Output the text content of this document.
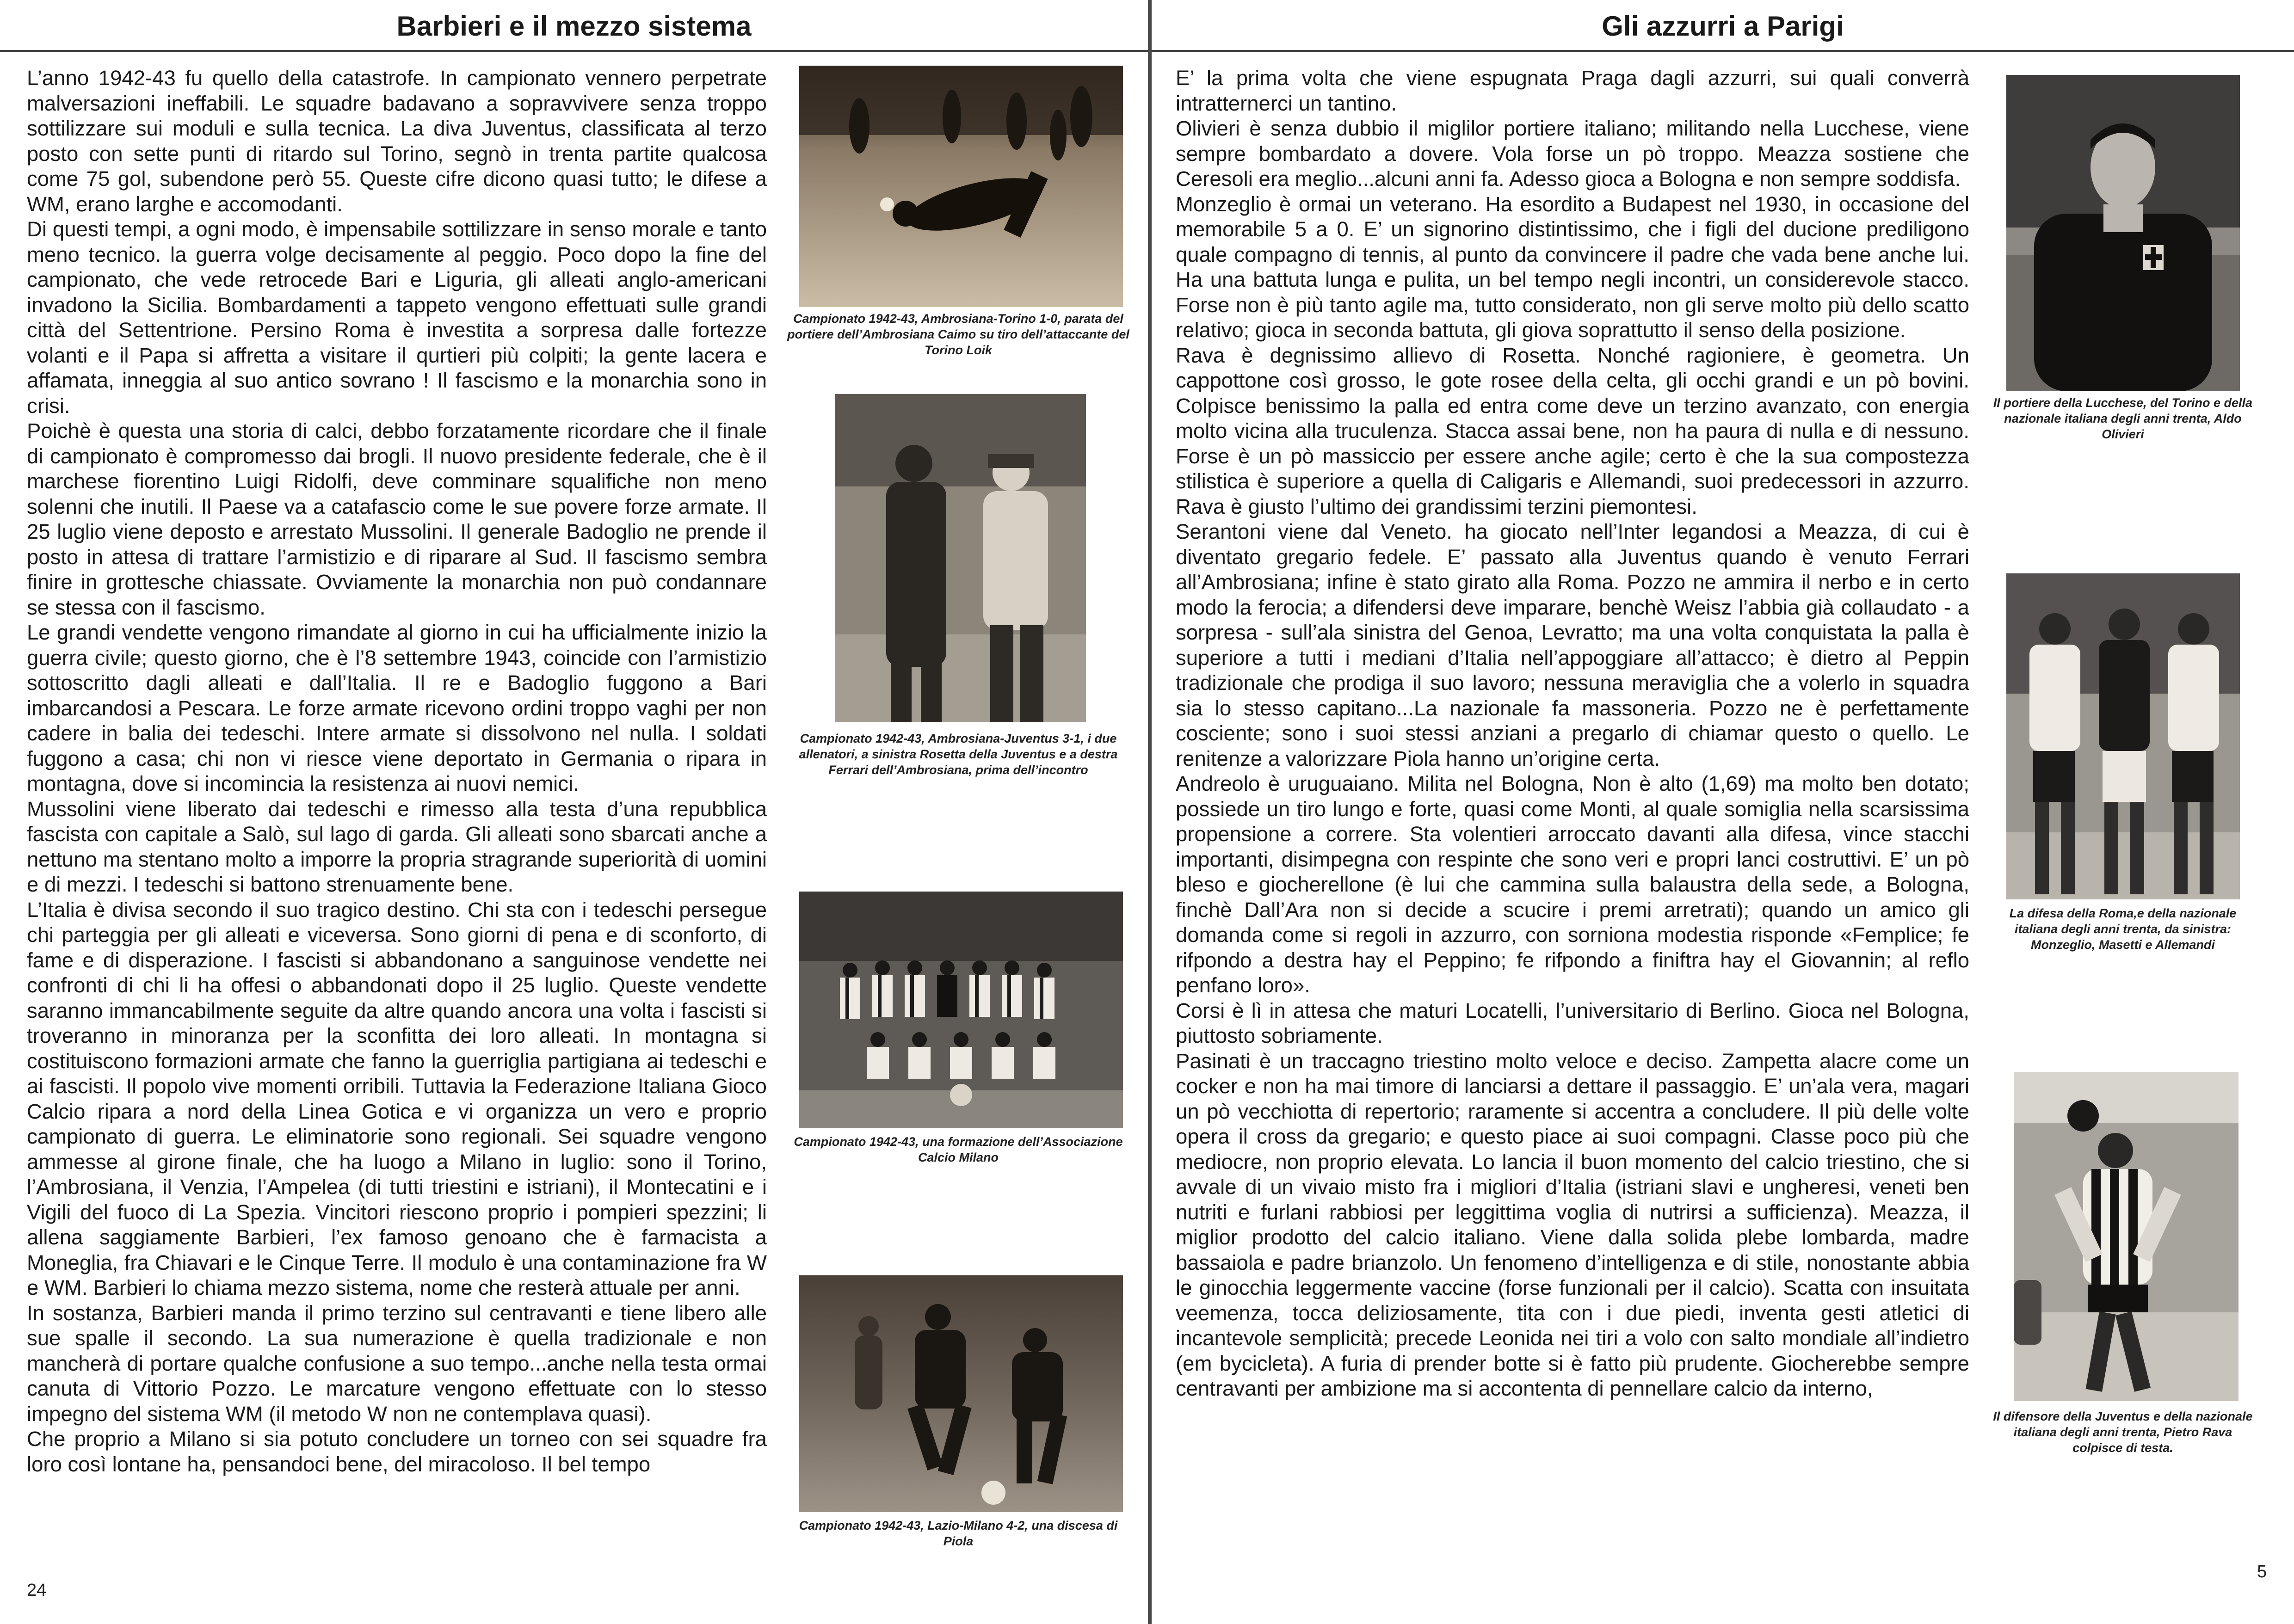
Barbieri e il mezzo sistema

L’anno 1942-43 fu quello della catastrofe. In campionato vennero perpetrate malversazioni ineffabili. Le squadre badavano a sopravvivere senza troppo sottilizzare sui moduli e sulla tecnica. La diva Juventus, classificata al terzo posto con sette punti di ritardo sul Torino, segnò in trenta partite qualcosa come 75 gol, subendone però 55. Queste cifre dicono quasi tutto; le difese a WM, erano larghe e accomodanti.

Di questi tempi, a ogni modo, è impensabile sottilizzare in senso morale e tanto meno tecnico. la guerra volge decisamente al peggio. Poco dopo la fine del campionato, che vede retrocede Bari e Liguria, gli alleati anglo-americani invadono la Sicilia. Bombardamenti a tappeto vengono effettuati sulle grandi città del Settentrione. Persino Roma è investita a sorpresa dalle fortezze volanti e il Papa si affretta a visitare il qurtieri più colpiti; la gente lacera e affamata, inneggia al suo antico sovrano ! Il fascismo e la monarchia sono in crisi.

Poichè è questa una storia di calci, debbo forzatamente ricordare che il finale di campionato è compromesso dai brogli. Il nuovo presidente federale, che è il marchese fiorentino Luigi Ridolfi, deve comminare squalifiche non meno solenni che inutili. Il Paese va a catafascio come le sue povere forze armate. Il 25 luglio viene deposto e arrestato Mussolini. Il generale Badoglio ne prende il posto in attesa di trattare l’armistizio e di riparare al Sud. Il fascismo sembra finire in grottesche chiassate. Ovviamente la monarchia non può condannare se stessa con il fascismo.

Le grandi vendette vengono rimandate al giorno in cui ha ufficialmente inizio la guerra civile; questo giorno, che è l’8 settembre 1943, coincide con l’armistizio sottoscritto dagli alleati e dall’Italia. Il re e Badoglio fuggono a Bari imbarcandosi a Pescara. Le forze armate ricevono ordini troppo vaghi per non cadere in balia dei tedeschi. Intere armate si dissolvono nel nulla. I soldati fuggono a casa; chi non vi riesce viene deportato in Germania o ripara in montagna, dove si incomincia la resistenza ai nuovi nemici.

Mussolini viene liberato dai tedeschi e rimesso alla testa d’una repubblica fascista con capitale a Salò, sul lago di garda. Gli alleati sono sbarcati anche a nettuno ma stentano molto a imporre la propria stragrande superiorità di uomini e di mezzi. I tedeschi si battono strenuamente bene.

L’Italia è divisa secondo il suo tragico destino. Chi sta con i tedeschi persegue chi parteggia per gli alleati e viceversa. Sono giorni di pena e di sconforto, di fame e di disperazione. I fascisti si abbandonano a sanguinose vendette nei confronti di chi li ha offesi o abbandonati dopo il 25 luglio. Queste vendette saranno immancabilmente seguite da altre quando ancora una volta i fascisti si troveranno in minoranza per la sconfitta dei loro alleati. In montagna si costituiscono formazioni armate che fanno la guerriglia partigiana ai tedeschi e ai fascisti. Il popolo vive momenti orribili. Tuttavia la Federazione Italiana Gioco Calcio ripara a nord della Linea Gotica e vi organizza un vero e proprio campionato di guerra. Le eliminatorie sono regionali. Sei squadre vengono ammesse al girone finale, che ha luogo a Milano in luglio: sono il Torino, l’Ambrosiana, il Venzia, l’Ampelea (di tutti triestini e istriani), il Montecatini e i Vigili del fuoco di La Spezia. Vincitori riescono proprio i pompieri spezzini; li allena saggiamente Barbieri, l’ex famoso genoano che è farmacista a Moneglia, fra Chiavari e le Cinque Terre. Il modulo è una contaminazione fra W e WM. Barbieri lo chiama mezzo sistema, nome che resterà attuale per anni.

In sostanza, Barbieri manda il primo terzino sul centravanti e tiene libero alle sue spalle il secondo. La sua numerazione è quella tradizionale e non mancherà di portare qualche confusione a suo tempo...anche nella testa ormai canuta di Vittorio Pozzo. Le marcature vengono effettuate con lo stesso impegno del sistema WM (il metodo W non ne contemplava quasi).

Che proprio a Milano si sia potuto concludere un torneo con sei squadre fra loro così lontane ha, pensandoci bene, del miracoloso. Il bel tempo

Campionato 1942-43, Ambrosiana-Torino 1-0, parata del portiere dell’Ambrosiana Caimo su tiro dell’attaccante del Torino Loik
Campionato 1942-43, Ambrosiana-Juventus 3-1, i due allenatori, a sinistra Rosetta della Juventus e a destra Ferrari dell’Ambrosiana, prima dell’incontro
Campionato 1942-43, una formazione dell’Associazione Calcio Milano
Campionato 1942-43, Lazio-Milano 4-2, una discesa di Piola
24
Gli azzurri a Parigi

E’ la prima volta che viene espugnata Praga dagli azzurri, sui quali converrà intratternerci un tantino.

Olivieri è senza dubbio il miglilor portiere italiano; militando nella Lucchese, viene sempre bombardato a dovere. Vola forse un pò troppo. Meazza sostiene che Ceresoli era meglio...alcuni anni fa. Adesso gioca a Bologna e non sempre soddisfa.

Monzeglio è ormai un veterano. Ha esordito a Budapest nel 1930, in occasione del memorabile 5 a 0. E’ un signorino distintissimo, che i figli del ducione prediligono quale compagno di tennis, al punto da convincere il padre che vada bene anche lui. Ha una battuta lunga e pulita, un bel tempo negli incontri, un considerevole stacco. Forse non è più tanto agile ma, tutto considerato, non gli serve molto più dello scatto relativo; gioca in seconda battuta, gli giova soprattutto il senso della posizione.

Rava è degnissimo allievo di Rosetta. Nonché ragioniere, è geometra. Un cappottone così grosso, le gote rosee della celta, gli occhi grandi e un pò bovini. Colpisce benissimo la palla ed entra come deve un terzino avanzato, con energia molto vicina alla truculenza. Stacca assai bene, non ha paura di nulla e di nessuno. Forse è un pò massiccio per essere anche agile; certo è che la sua compostezza stilistica è superiore a quella di Caligaris e Allemandi, suoi predecessori in azzurro. Rava è giusto l’ultimo dei grandissimi terzini piemontesi.

Serantoni viene dal Veneto. ha giocato nell’Inter legandosi a Meazza, di cui è diventato gregario fedele. E’ passato alla Juventus quando è venuto Ferrari all’Ambrosiana; infine è stato girato alla Roma. Pozzo ne ammira il nerbo e in certo modo la ferocia; a difendersi deve imparare, benchè Weisz l’abbia già collaudato - a sorpresa - sull’ala sinistra del Genoa, Levratto; ma una volta conquistata la palla è superiore a tutti i mediani d’Italia nell’appoggiare all’attacco; è dietro al Peppin tradizionale che prodiga il suo lavoro; nessuna meraviglia che a volerlo in squadra sia lo stesso capitano...La nazionale fa massoneria. Pozzo ne è perfettamente cosciente; sono i suoi stessi anziani a pregarlo di chiamar questo o quello. Le renitenze a valorizzare Piola hanno un’origine certa.

Andreolo è uruguaiano. Milita nel Bologna, Non è alto (1,69) ma molto ben dotato; possiede un tiro lungo e forte, quasi come Monti, al quale somiglia nella scarsissima propensione a correre. Sta volentieri arroccato davanti alla difesa, vince stacchi importanti, disimpegna con respinte che sono veri e propri lanci costruttivi. E’ un pò bleso e giocherellone (è lui che cammina sulla balaustra della sede, a Bologna, finchè Dall’Ara non si decide a scucire i premi arretrati); quando un amico gli domanda come si regoli in azzurro, con sorniona modestia risponde «Femplice; fe rifpondo a destra hay el Peppino; fe rifpondo a finiftra hay el Giovannin; al reflo penfano loro».

Corsi è lì in attesa che maturi Locatelli, l’universitario di Berlino. Gioca nel Bologna, piuttosto sobriamente.

Pasinati è un traccagno triestino molto veloce e deciso. Zampetta alacre come un cocker e non ha mai timore di lanciarsi a dettare il passaggio. E’ un’ala vera, magari un pò vecchiotta di repertorio; raramente si accentra a concludere. Il più delle volte opera il cross da gregario; e questo piace ai suoi compagni. Classe poco più che mediocre, non proprio elevata. Lo lancia il buon momento del calcio triestino, che si avvale di un vivaio misto fra i migliori d’Italia (istriani slavi e ungheresi, veneti ben nutriti e furlani rabbiosi per leggittima voglia di nutrirsi a sufficienza). Meazza, il miglior prodotto del calcio italiano. Viene dalla solida plebe lombarda, madre bassaiola e padre brianzolo. Un fenomeno d’intelligenza e di stile, nonostante abbia le ginocchia leggermente vaccine (forse funzionali per il calcio). Scatta con insuitata veemenza, tocca deliziosamente, tita con i due piedi, inventa gesti atletici di incantevole semplicità; precede Leonida nei tiri a volo con salto mondiale all’indietro (em bycicleta). A furia di prender botte si è fatto più prudente. Giocherebbe sempre centravanti per ambizione ma si accontenta di pennellare calcio da interno,

Il portiere della Lucchese, del Torino e della nazionale italiana degli anni trenta, Aldo Olivieri
La difesa della Roma,e della nazionale italiana degli anni trenta, da sinistra: Monzeglio, Masetti e Allemandi
Il difensore della Juventus e della nazionale italiana degli anni trenta, Pietro Rava colpisce di testa.
5
